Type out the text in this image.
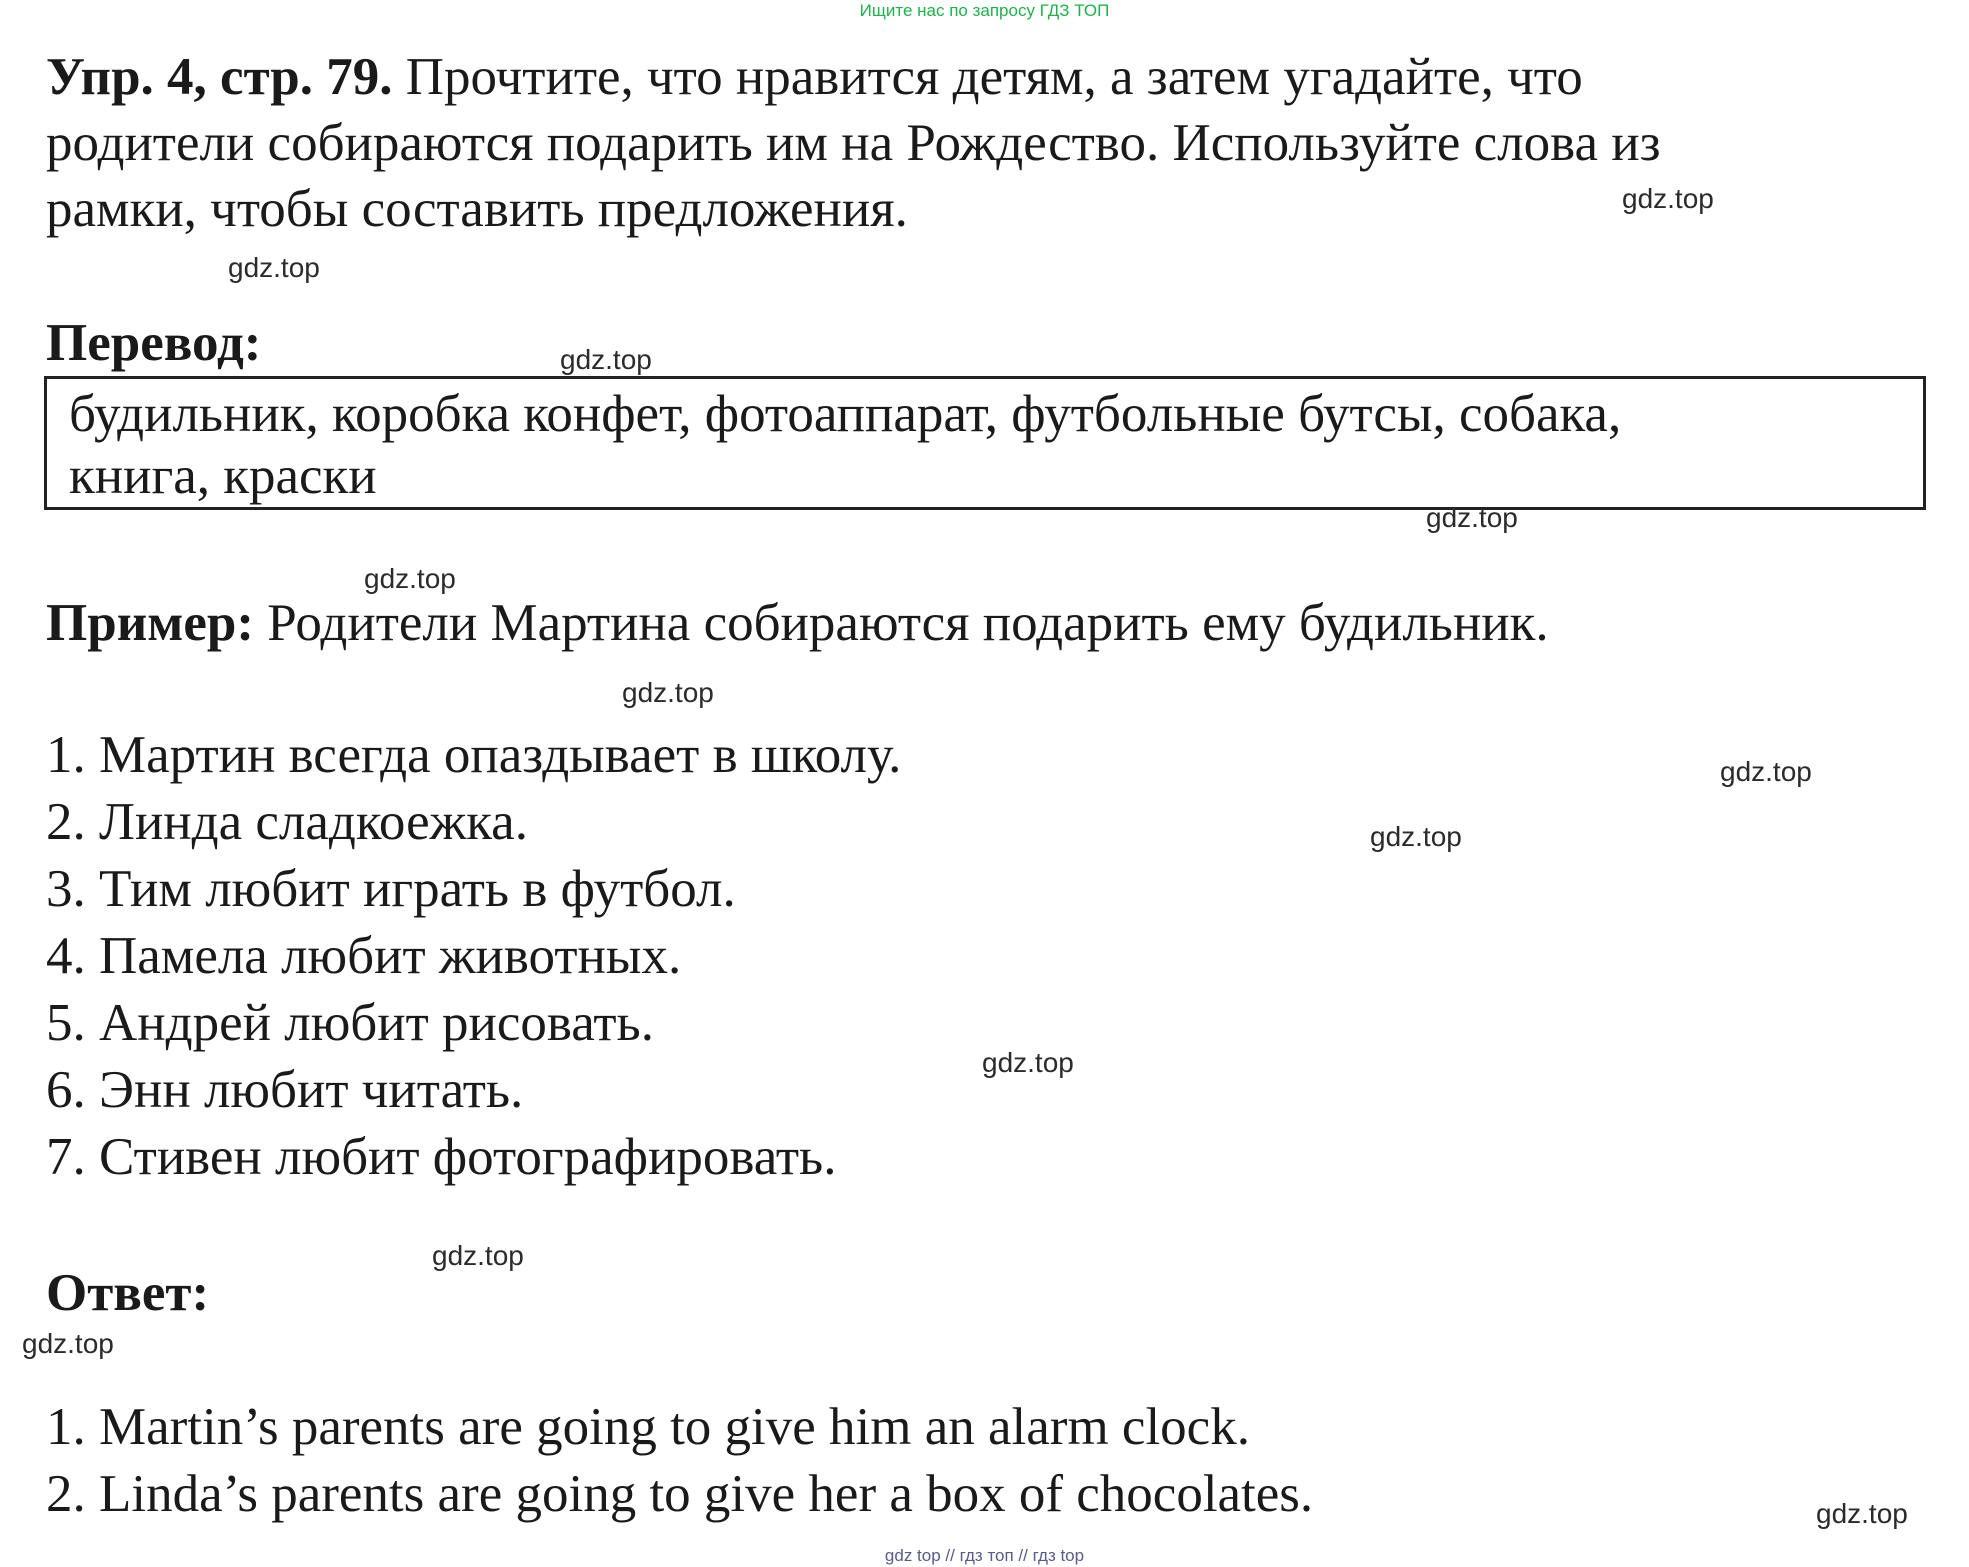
Ищите нас по запросу ГДЗ ТОП
Упр. 4, стр. 79. Прочтите, что нравится детям, а затем угадайте, что
родители собираются подарить им на Рождество. Используйте слова из
рамки, чтобы составить предложения.
Перевод:
будильник, коробка конфет, фотоаппарат, футбольные бутсы, собака,
книга, краски
Пример: Родители Мартина собираются подарить ему будильник.
1. Мартин всегда опаздывает в школу.
2. Линда сладкоежка.
3. Тим любит играть в футбол.
4. Памела любит животных.
5. Андрей любит рисовать.
6. Энн любит читать.
7. Стивен любит фотографировать.
Ответ:
1. Martin’s parents are going to give him an alarm clock.
2. Linda’s parents are going to give her a box of chocolates.
gdz.top
gdz.top
gdz.top
gdz.top
gdz.top
gdz.top
gdz.top
gdz.top
gdz.top
gdz.top
gdz.top
gdz.top
gdz top // гдз топ // гдз top
